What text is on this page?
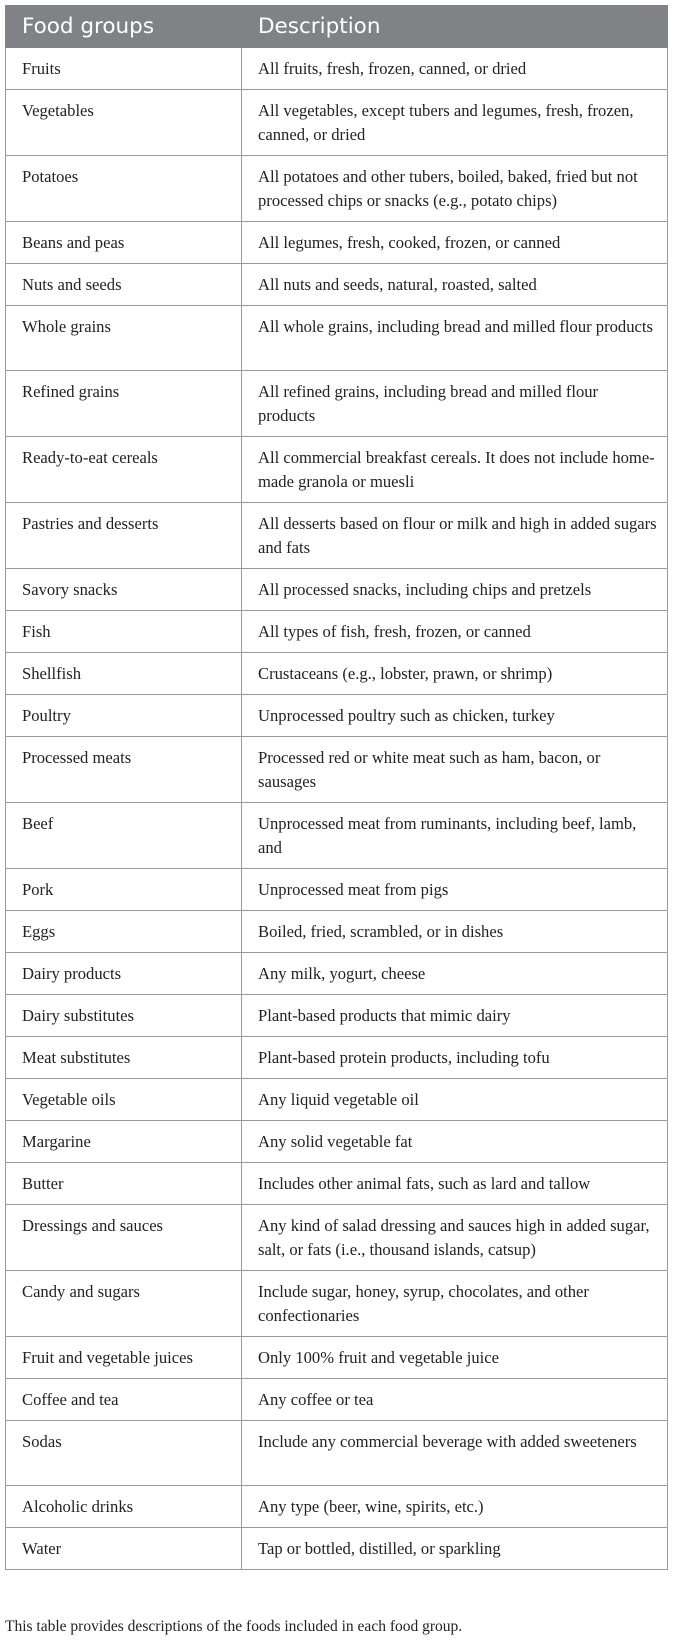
Food groups	Description
Fruits	All fruits, fresh, frozen, canned, or dried
Vegetables	All vegetables, except tubers and legumes, fresh, frozen, canned, or dried
Potatoes	All potatoes and other tubers, boiled, baked, fried but not processed chips or snacks (e.g., potato chips)
Beans and peas	All legumes, fresh, cooked, frozen, or canned
Nuts and seeds	All nuts and seeds, natural, roasted, salted
Whole grains	All whole grains, including bread and milled flour products
Refined grains	All refined grains, including bread and milled flour products
Ready-to-eat cereals	All commercial breakfast cereals. It does not include home-made granola or muesli
Pastries and desserts	All desserts based on flour or milk and high in added sugars and fats
Savory snacks	All processed snacks, including chips and pretzels
Fish	All types of fish, fresh, frozen, or canned
Shellfish	Crustaceans (e.g., lobster, prawn, or shrimp)
Poultry	Unprocessed poultry such as chicken, turkey
Processed meats	Processed red or white meat such as ham, bacon, or sausages
Beef	Unprocessed meat from ruminants, including beef, lamb, and
Pork	Unprocessed meat from pigs
Eggs	Boiled, fried, scrambled, or in dishes
Dairy products	Any milk, yogurt, cheese
Dairy substitutes	Plant-based products that mimic dairy
Meat substitutes	Plant-based protein products, including tofu
Vegetable oils	Any liquid vegetable oil
Margarine	Any solid vegetable fat
Butter	Includes other animal fats, such as lard and tallow
Dressings and sauces	Any kind of salad dressing and sauces high in added sugar, salt, or fats (i.e., thousand islands, catsup)
Candy and sugars	Include sugar, honey, syrup, chocolates, and other confectionaries
Fruit and vegetable juices	Only 100% fruit and vegetable juice
Coffee and tea	Any coffee or tea
Sodas	Include any commercial beverage with added sweeteners
Alcoholic drinks	Any type (beer, wine, spirits, etc.)
Water	Tap or bottled, distilled, or sparkling
This table provides descriptions of the foods included in each food group.
